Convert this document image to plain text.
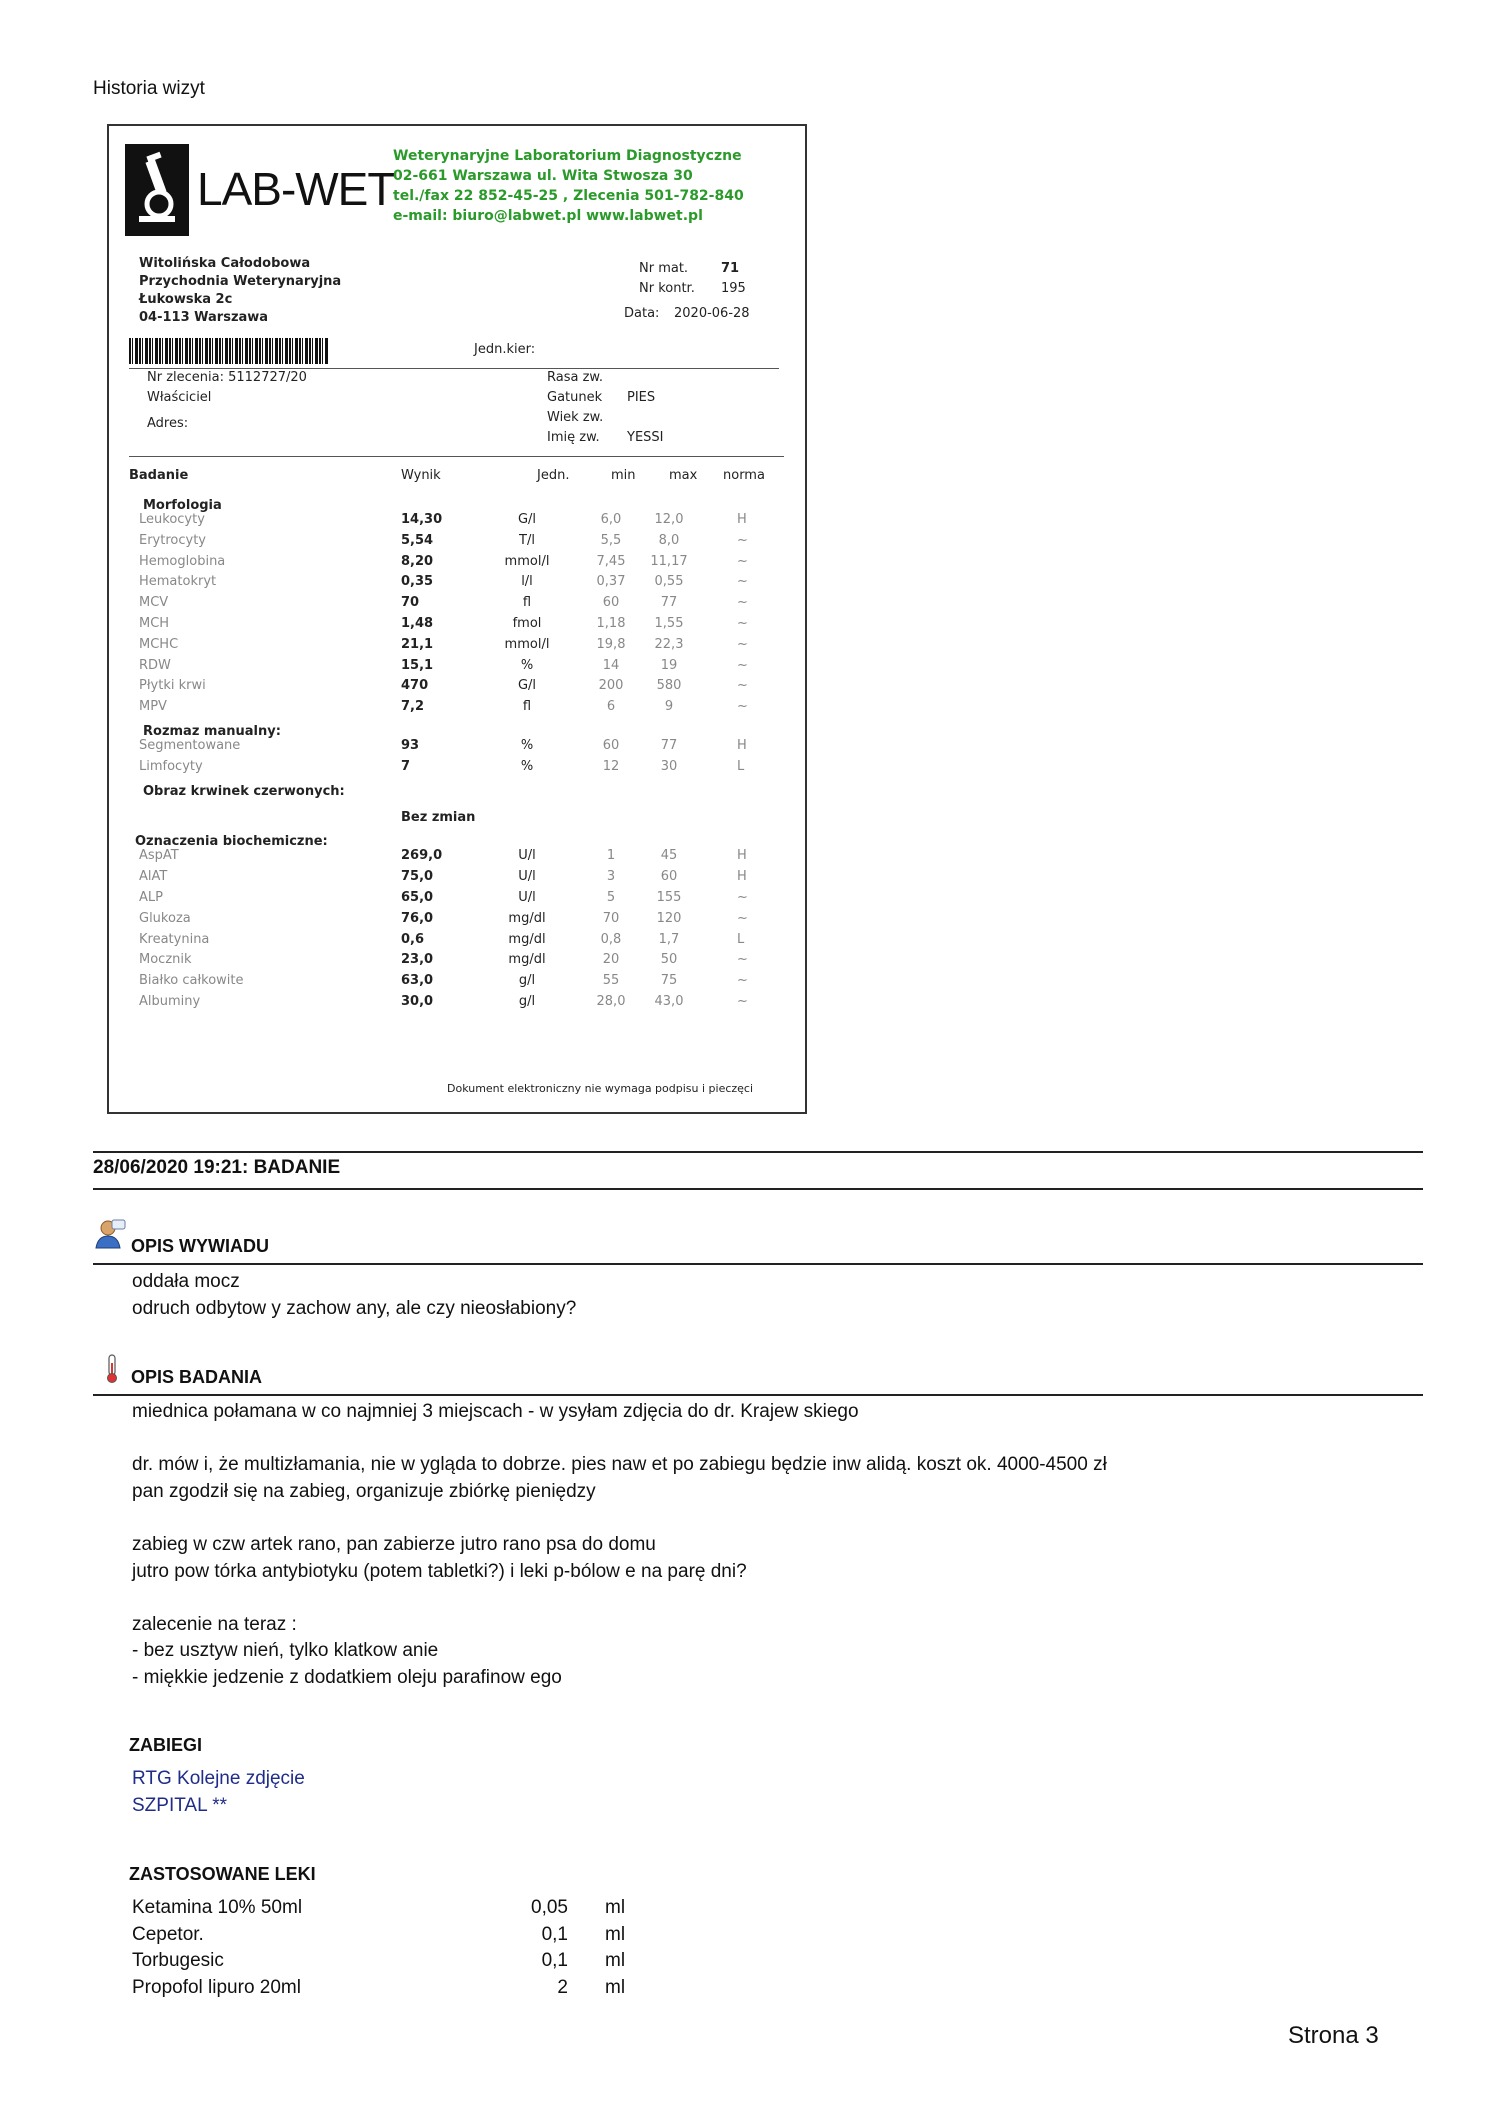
Historia wizyt
LAB-WET
Weterynaryjne Laboratorium Diagnostyczne
02-661 Warszawa ul. Wita Stwosza 30
tel./fax 22 852-45-25 , Zlecenia 501-782-840
e-mail: biuro@labwet.pl www.labwet.pl
Witolińska Całodobowa
Przychodnia Weterynaryjna
Łukowska 2c
04-113 Warszawa
Nr mat.	71
Nr kontr. 195
Data: 2020-06-28
Jedn.kier:
Nr zlecenia: 5112727/20
Właściciel
Adres:
Rasa zw.
Gatunek PIES
Wiek zw.
Imię zw. YESSI
Badanie	Wynik	Jedn.	min	max norma
Morfologia
Leukocyty	14,30	G/l	6,0	12,0	H
Erytrocyty	5,54	T/l	5,5	8,0	~
Hemoglobina	8,20	mmol/l	7,45	11,17	~
Hematokryt	0,35	l/l	0,37	0,55	~
MCV	70	fl	60	77	~
MCH	1,48	fmol	1,18	1,55	~
MCHC	21,1	mmol/l	19,8	22,3	~
RDW	15,1	%	14	19	~
Płytki krwi	470	G/l	200	580	~
MPV	7,2	fl	6	9	~
Rozmaz manualny:
Segmentowane	93	%	60	77	H
Limfocyty	7	%	12	30	L
Obraz krwinek czerwonych:
Bez zmian
Oznaczenia biochemiczne:
AspAT	269,0	U/l	1	45	H
AlAT	75,0	U/l	3	60	H
ALP	65,0	U/l	5	155	~
Glukoza	76,0	mg/dl	70	120	~
Kreatynina	0,6	mg/dl	0,8	1,7	L
Mocznik	23,0	mg/dl	20	50	~
Białko całkowite	63,0	g/l	55	75	~
Albuminy	30,0	g/l	28,0	43,0	~
Dokument elektroniczny nie wymaga podpisu i pieczęci
28/06/2020 19:21: BADANIE
OPIS WYWIADU
oddała mocz
odruch odbytow y zachow any, ale czy nieosłabiony?
OPIS BADANIA
miednica połamana w co najmniej 3 miejscach - w ysyłam zdjęcia do dr. Krajew skiego
dr. mów i, że multizłamania, nie w ygląda to dobrze. pies naw et po zabiegu będzie inw alidą. koszt ok. 4000-4500 zł
pan zgodził się na zabieg, organizuje zbiórkę pieniędzy
zabieg w czw artek rano, pan zabierze jutro rano psa do domu
jutro pow tórka antybiotyku (potem tabletki?) i leki p-bólow e na parę dni?
zalecenie na teraz :
- bez usztyw nień, tylko klatkow anie
- miękkie jedzenie z dodatkiem oleju parafinow ego
ZABIEGI
RTG Kolejne zdjęcie
SZPITAL **
ZASTOSOWANE LEKI
Ketamina 10% 50ml	0,05 ml
Cepetor.	0,1 ml
Torbugesic	0,1 ml
Propofol lipuro 20ml	2 ml
Strona 3
